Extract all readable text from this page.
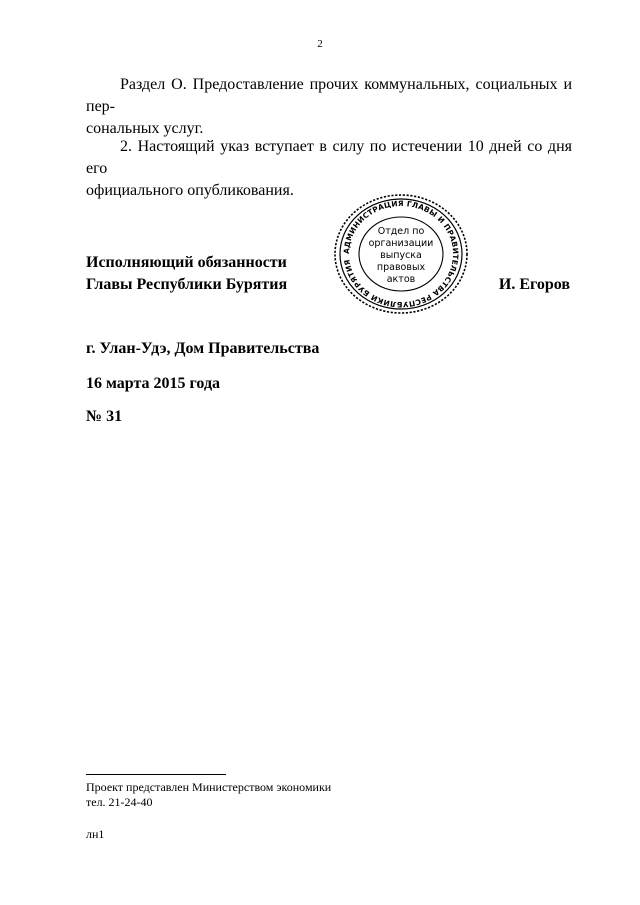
2

Раздел О. Предоставление прочих коммунальных, социальных и пер-
сональных услуг.

2. Настоящий указ вступает в силу по истечении 10 дней со дня его
официального опубликования.

Исполняющий обязанности
Главы Республики Бурятия	И. Егоров
АДМИНИСТРАЦИЯ ГЛАВЫ И ПРАВИТЕЛЬСТВА РЕСПУБЛИКИ БУРЯТИЯ
Отдел по
организации
выпуска
правовых
актов
г. Улан-Удэ, Дом Правительства
16 марта 2015 года
№ 31
Проект представлен Министерством экономики
тел. 21-24-40
лн1
